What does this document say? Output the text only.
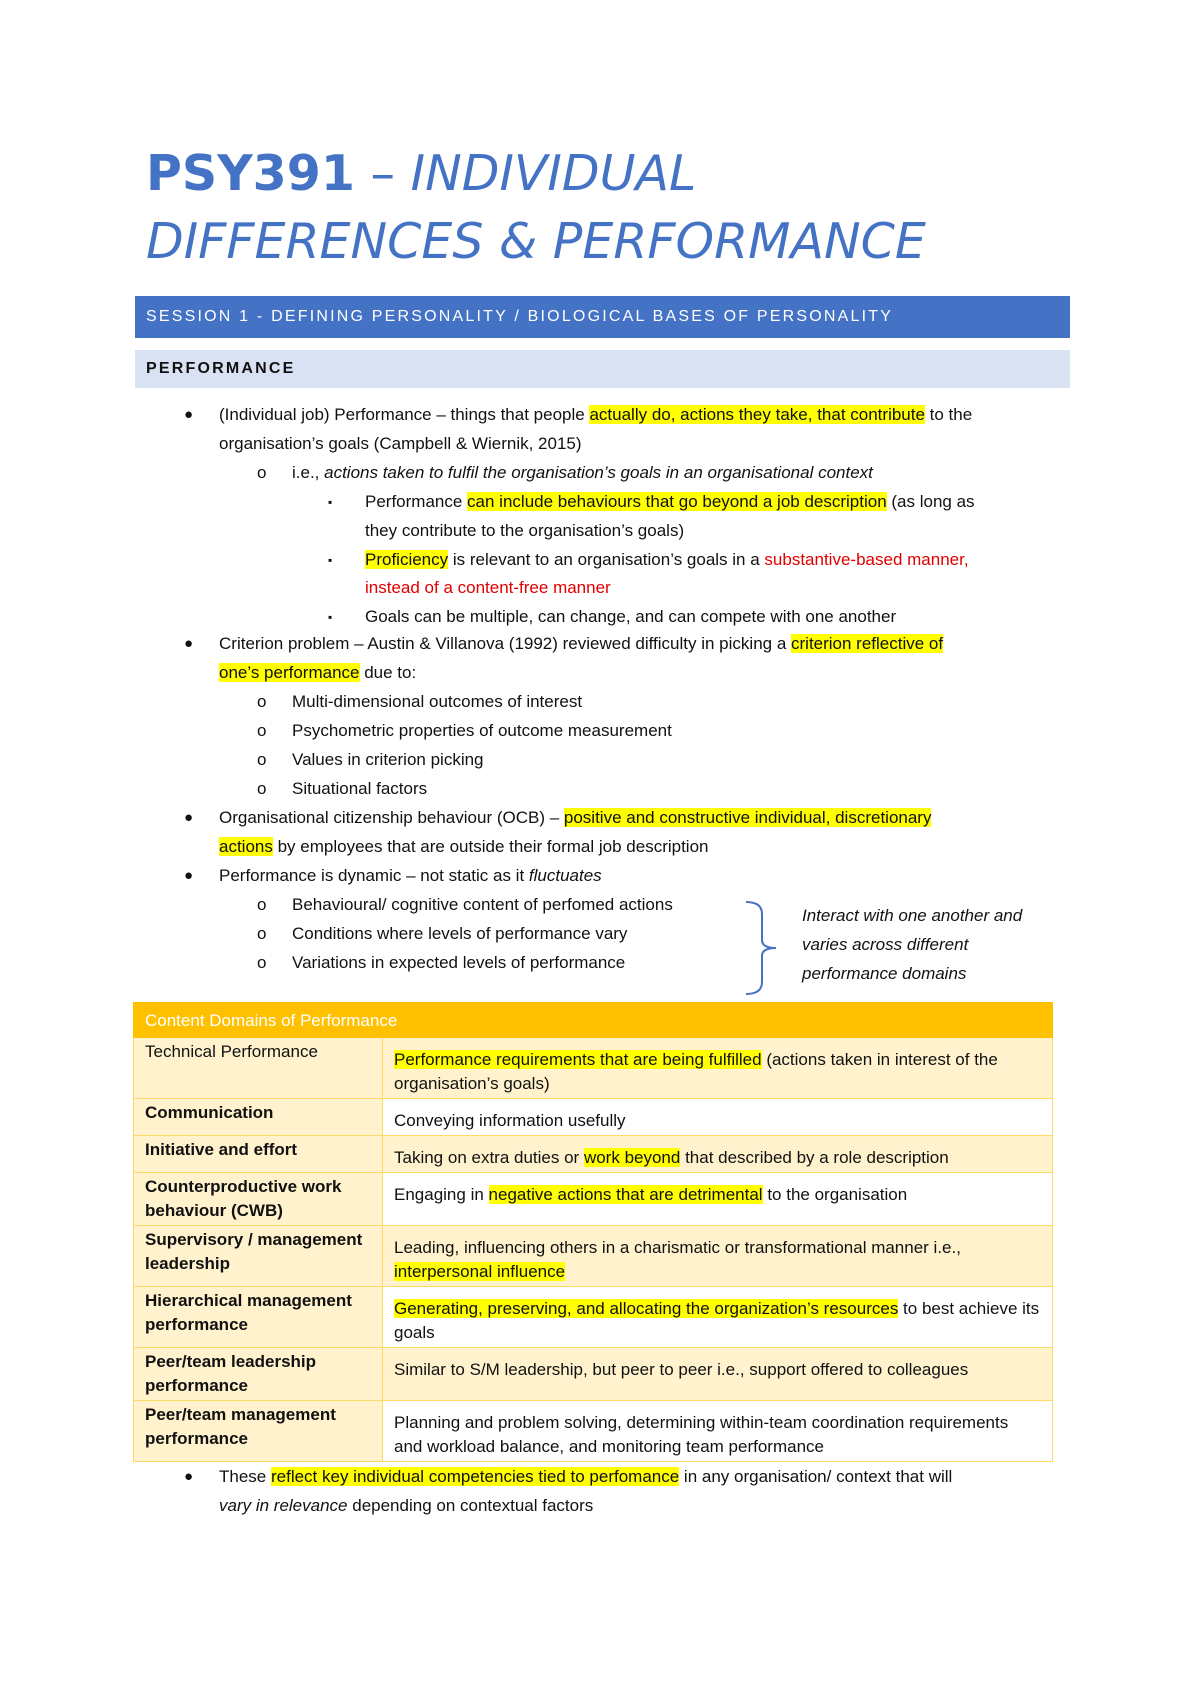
PSY391 – INDIVIDUAL
DIFFERENCES & PERFORMANCE
SESSION 1 - DEFINING PERSONALITY / BIOLOGICAL BASES OF PERSONALITY
PERFORMANCE
● (Individual job) Performance – things that people actually do, actions they take, that contribute to the
organisation’s goals (Campbell & Wiernik, 2015)
o i.e., actions taken to fulfil the organisation’s goals in an organisational context
▪ Performance can include behaviours that go beyond a job description (as long as
they contribute to the organisation’s goals)
▪ Proficiency is relevant to an organisation’s goals in a substantive-based manner,
instead of a content-free manner
▪ Goals can be multiple, can change, and can compete with one another
● Criterion problem – Austin & Villanova (1992) reviewed difficulty in picking a criterion reflective of
one’s performance due to:
o Multi-dimensional outcomes of interest
o Psychometric properties of outcome measurement
o Values in criterion picking
o Situational factors
● Organisational citizenship behaviour (OCB) – positive and constructive individual, discretionary
actions by employees that are outside their formal job description
● Performance is dynamic – not static as it fluctuates
o Behavioural/ cognitive content of perfomed actions
o Conditions where levels of performance vary
o Variations in expected levels of performance
Interact with one another and varies across different performance domains
Content Domains of Performance	
Technical Performance	Performance requirements that are being fulfilled (actions taken in interest of the organisation’s goals)
Communication	Conveying information usefully
Initiative and effort	Taking on extra duties or work beyond that described by a role description
Counterproductive work behaviour (CWB)	Engaging in negative actions that are detrimental to the organisation
Supervisory / management leadership	Leading, influencing others in a charismatic or transformational manner i.e., interpersonal influence
Hierarchical management performance	Generating, preserving, and allocating the organization’s resources to best achieve its goals
Peer/team leadership performance	Similar to S/M leadership, but peer to peer i.e., support offered to colleagues
Peer/team management performance	Planning and problem solving, determining within-team coordination requirements and workload balance, and monitoring team performance
● These reflect key individual competencies tied to perfomance in any organisation/ context that will
vary in relevance depending on contextual factors
